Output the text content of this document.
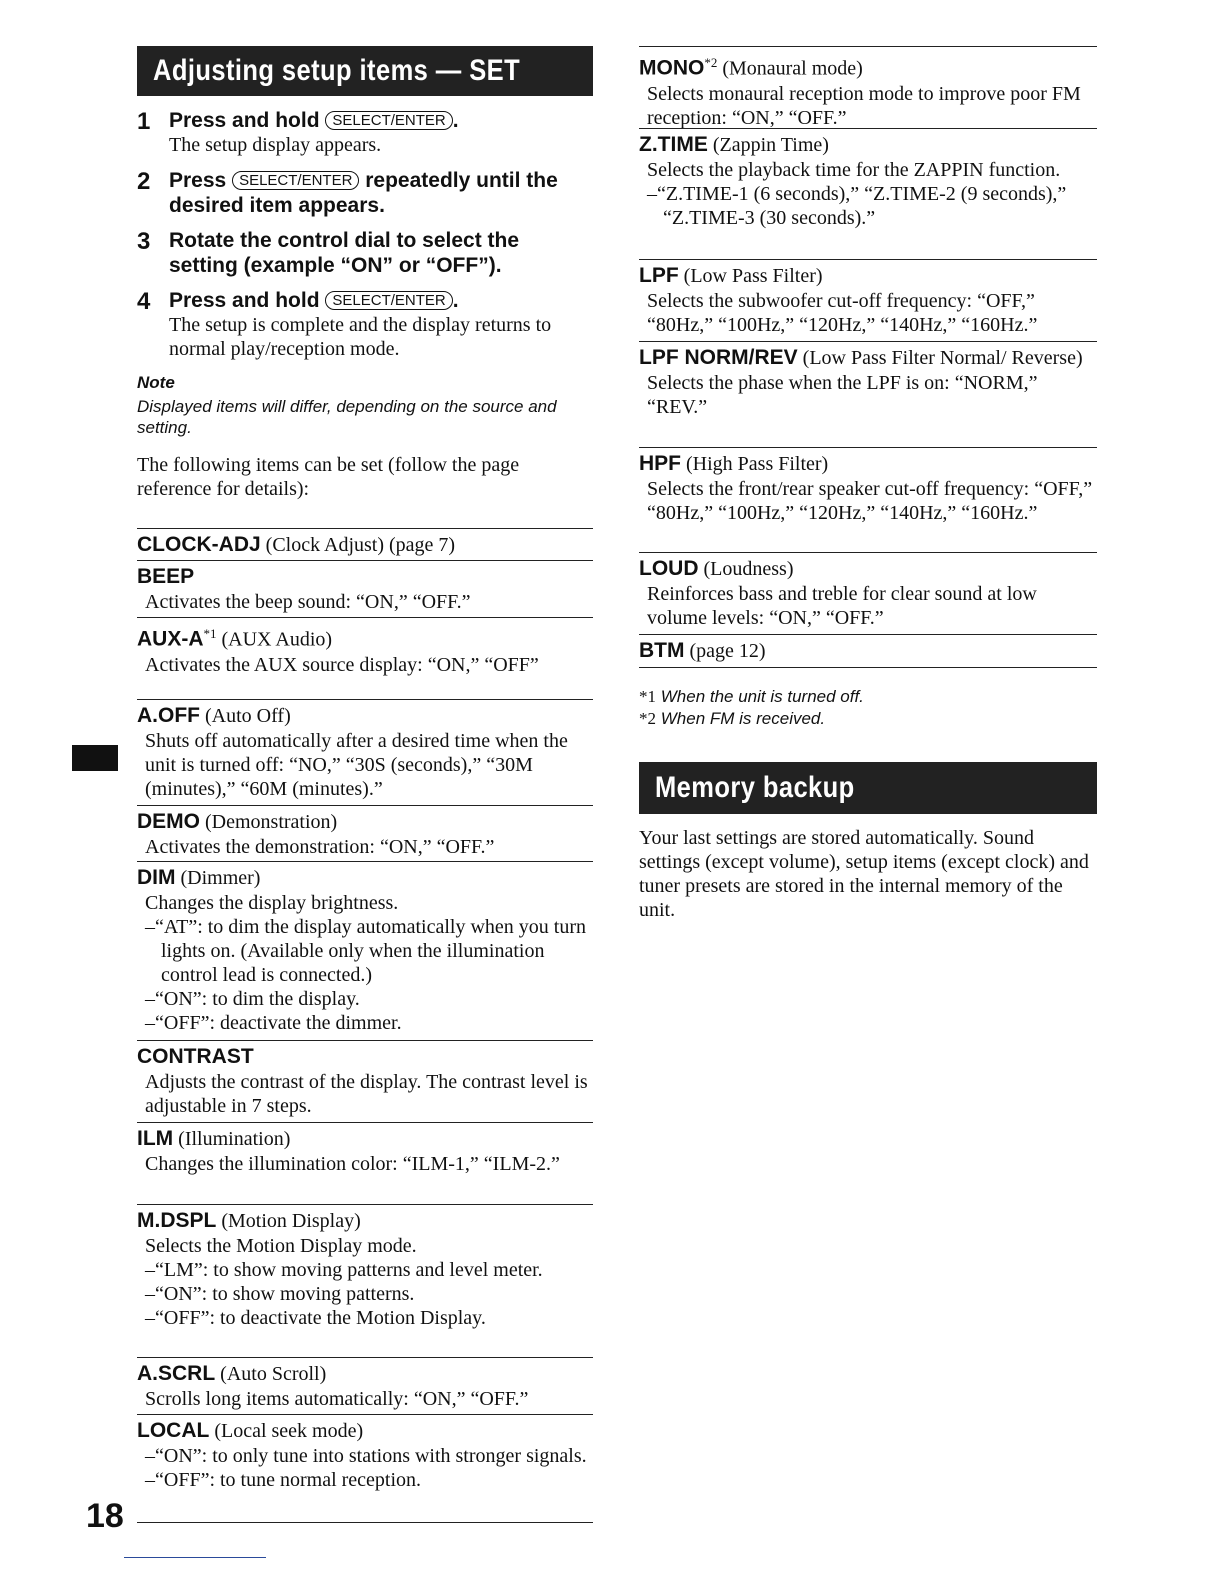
Adjusting setup items — SET
1 Press and hold SELECT/ENTER .
The setup display appears.
2 Press SELECT/ENTER repeatedly until the desired item appears.
3 Rotate the control dial to select the setting (example “ON” or “OFF”).
4 Press and hold SELECT/ENTER .
The setup is complete and the display returns to normal play/reception mode.
Note
Displayed items will differ, depending on the source and setting.
The following items can be set (follow the page reference for details):
CLOCK-ADJ (Clock Adjust) (page 7)
BEEP
Activates the beep sound: “ON,” “OFF.”
AUX-$A^{*1}$ (AUX Audio)
Activates the AUX source display: “ON,” “OFF”
A.OFF (Auto Off)
Shuts off automatically after a desired time when the unit is turned off: “NO,” “30S (seconds),” “30M (minutes),” “60M (minutes).”
DEMO (Demonstration)
Activates the demonstration: “ON,” “OFF.”
DIM (Dimmer)
Changes the display brightness.
–“AT”: to dim the display automatically when you turn lights on. (Available only when the illumination control lead is connected.)
–“ON”: to dim the display.
–“OFF”: deactivate the dimmer.
CONTRAST
Adjusts the contrast of the display. The contrast level is adjustable in 7 steps.
ILM (Illumination)
Changes the illumination color: “ILM-1,” “ILM-2.”
M.DSPL (Motion Display)
Selects the Motion Display mode.
–“LM”: to show moving patterns and level meter.
–“ON”: to show moving patterns.
–“OFF”: to deactivate the Motion Display.
A.SCRL (Auto Scroll)
Scrolls long items automatically: “ON,” “OFF.”
LOCAL (Local seek mode)
–“ON”: to only tune into stations with stronger signals.
–“OFF”: to tune normal reception.
MONO$^{*2}$ (Monaural mode)
Selects monaural reception mode to improve poor FM reception: “ON,” “OFF.”
Z.TIME (Zappin Time)
Selects the playback time for the ZAPPIN function.
–“Z.TIME-1 (6 seconds),” “Z.TIME-2 (9 seconds),” “Z.TIME-3 (30 seconds).”
LPF (Low Pass Filter)
Selects the subwoofer cut-off frequency: “OFF,” “80Hz,” “100Hz,” “120Hz,” “140Hz,” “160Hz.”
LPF NORM/REV (Low Pass Filter Normal/ Reverse)
Selects the phase when the LPF is on: “NORM,” “REV.”
HPF (High Pass Filter)
Selects the front/rear speaker cut-off frequency: “OFF,” “80Hz,” “100Hz,” “120Hz,” “140Hz,” “160Hz.”
LOUD (Loudness)
Reinforces bass and treble for clear sound at low volume levels: “ON,” “OFF.”
BTM (page 12)
*1 When the unit is turned off.
*2 When FM is received.
Memory backup
Your last settings are stored automatically. Sound settings (except volume), setup items (except clock) and tuner presets are stored in the internal memory of the unit.
18
